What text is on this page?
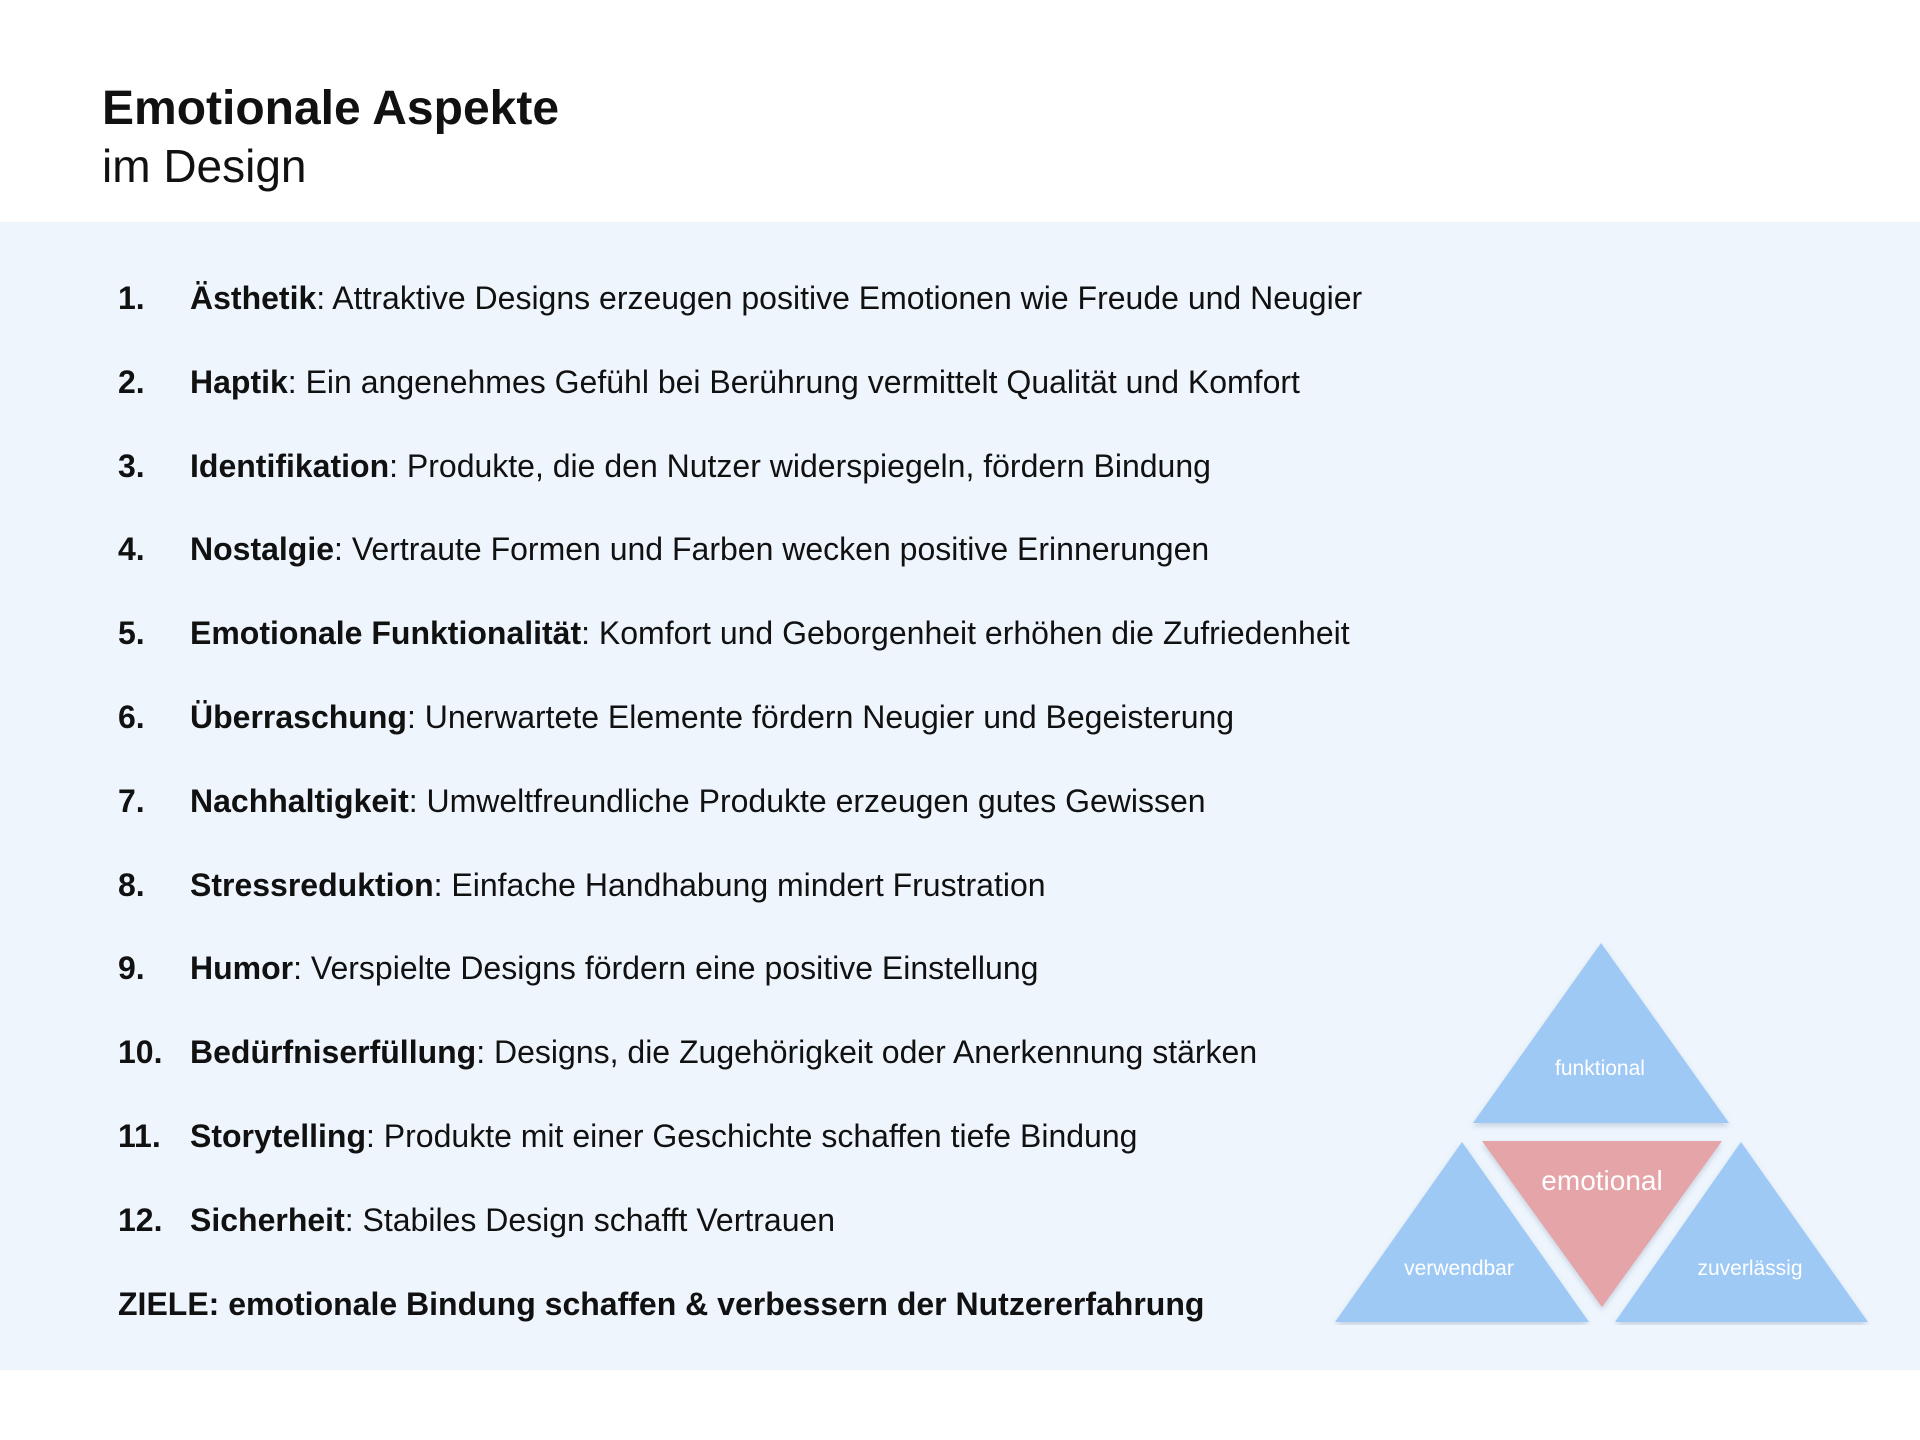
Emotionale Aspekte
im Design
1. Ästhetik: Attraktive Designs erzeugen positive Emotionen wie Freude und Neugier
2. Haptik: Ein angenehmes Gefühl bei Berührung vermittelt Qualität und Komfort
3. Identifikation: Produkte, die den Nutzer widerspiegeln, fördern Bindung
4. Nostalgie: Vertraute Formen und Farben wecken positive Erinnerungen
5. Emotionale Funktionalität: Komfort und Geborgenheit erhöhen die Zufriedenheit
6. Überraschung: Unerwartete Elemente fördern Neugier und Begeisterung
7. Nachhaltigkeit: Umweltfreundliche Produkte erzeugen gutes Gewissen
8. Stressreduktion: Einfache Handhabung mindert Frustration
9. Humor: Verspielte Designs fördern eine positive Einstellung
10. Bedürfniserfüllung: Designs, die Zugehörigkeit oder Anerkennung stärken
11. Storytelling: Produkte mit einer Geschichte schaffen tiefe Bindung
12. Sicherheit: Stabiles Design schafft Vertrauen
ZIELE: emotionale Bindung schaffen & verbessern der Nutzererfahrung
funktional
emotional
verwendbar	zuverlässig
